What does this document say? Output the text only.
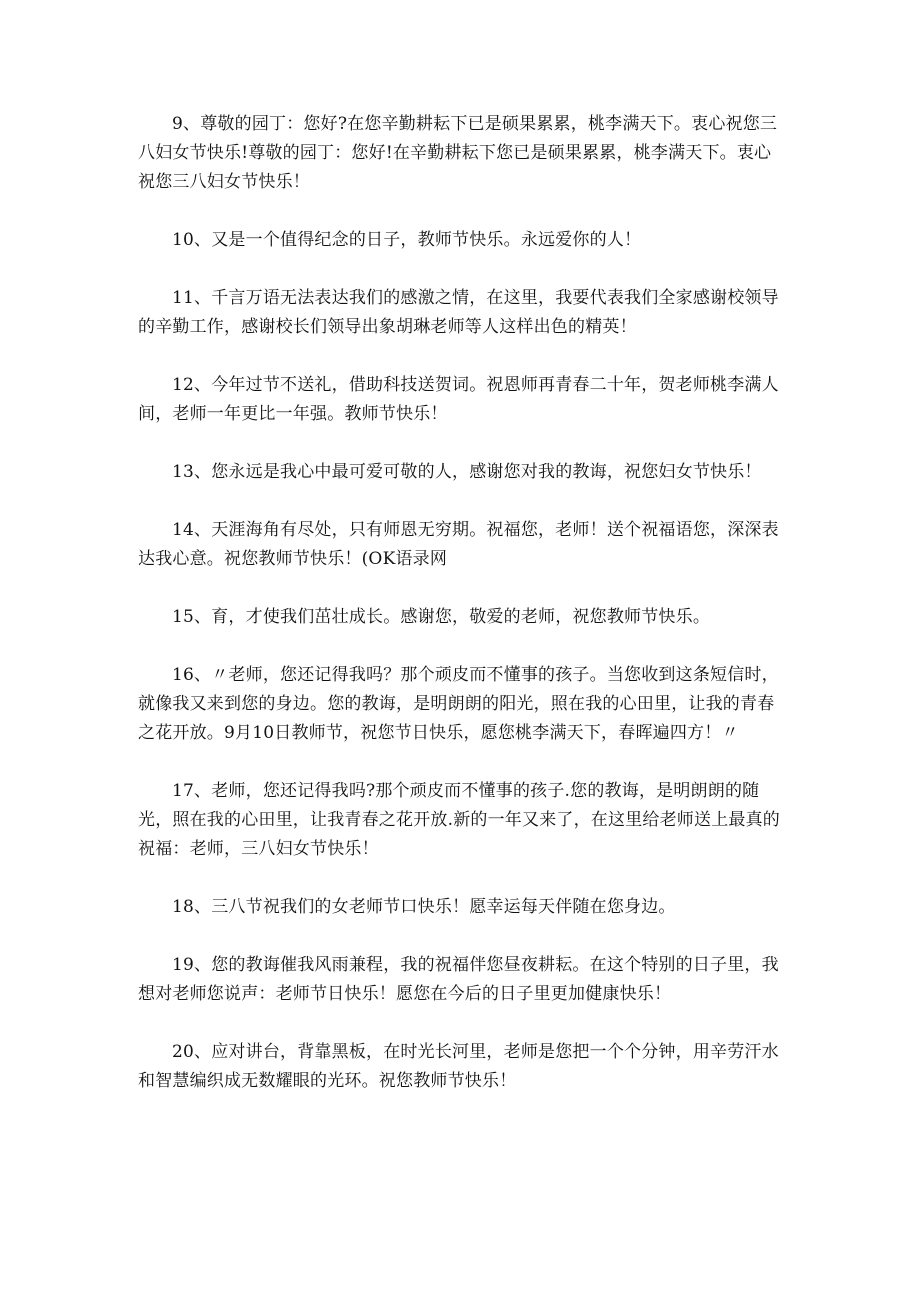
9、尊敬的园丁：您好?在您辛勤耕耘下已是硕果累累，桃李满天下。衷心祝您三八妇女节快乐!尊敬的园丁：您好!在辛勤耕耘下您已是硕果累累，桃李满天下。衷心祝您三八妇女节快乐！

10、又是一个值得纪念的日子，教师节快乐。永远爱你的人！

11、千言万语无法表达我们的感激之情，在这里，我要代表我们全家感谢校领导的辛勤工作，感谢校长们领导出象胡琳老师等人这样出色的精英！

12、今年过节不送礼，借助科技送贺词。祝恩师再青春二十年，贺老师桃李满人间，老师一年更比一年强。教师节快乐！

13、您永远是我心中最可爱可敬的人，感谢您对我的教诲，祝您妇女节快乐！

14、天涯海角有尽处，只有师恩无穷期。祝福您，老师！送个祝福语您，深深表达我心意。祝您教师节快乐！(OK语录网

15、育，才使我们茁壮成长。感谢您，敬爱的老师，祝您教师节快乐。

16、〃老师，您还记得我吗？那个顽皮而不懂事的孩子。当您收到这条短信时，就像我又来到您的身边。您的教诲，是明朗朗的阳光，照在我的心田里，让我的青春之花开放。9月10日教师节，祝您节日快乐，愿您桃李满天下，春晖遍四方！〃

17、老师，您还记得我吗?那个顽皮而不懂事的孩子.您的教诲，是明朗朗的随光，照在我的心田里，让我青春之花开放.新的一年又来了，在这里给老师送上最真的祝福：老师，三八妇女节快乐！

18、三八节祝我们的女老师节口快乐！愿幸运每天伴随在您身边。

19、您的教诲催我风雨兼程，我的祝福伴您昼夜耕耘。在这个特别的日子里，我想对老师您说声：老师节日快乐！愿您在今后的日子里更加健康快乐！

20、应对讲台，背靠黑板，在时光长河里，老师是您把一个个分钟，用辛劳汗水和智慧编织成无数耀眼的光环。祝您教师节快乐！
